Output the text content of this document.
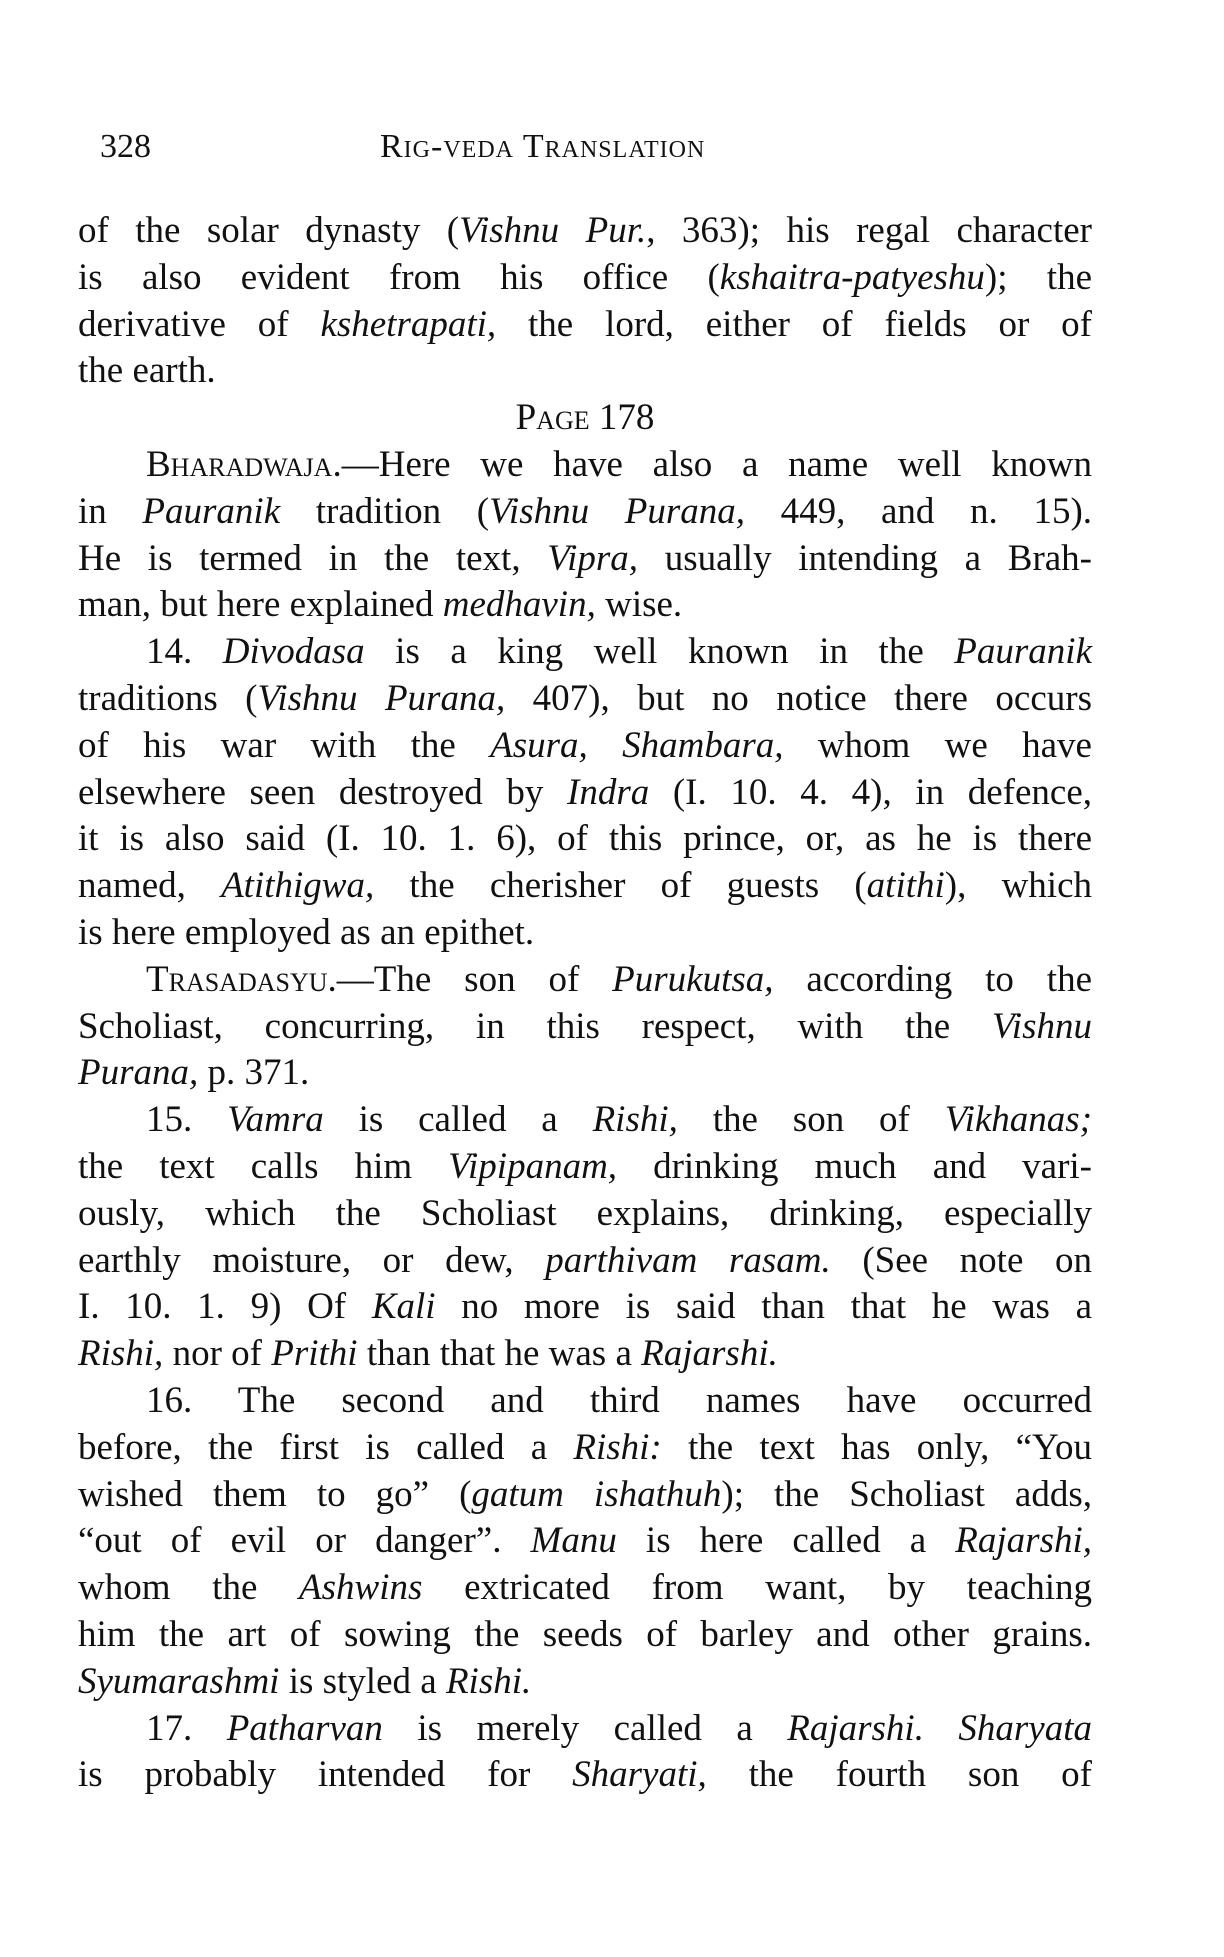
328	Rig-veda Translation
of the solar dynasty (Vishnu Pur., 363); his regal character
is also evident from his office (kshaitra-patyeshu); the
derivative of kshetrapati, the lord, either of fields or of
the earth.
Page 178
Bharadwaja.—Here we have also a name well known
in Pauranik tradition (Vishnu Purana, 449, and n. 15).
He is termed in the text, Vipra, usually intending a Brah-
man, but here explained medhavin, wise.
14. Divodasa is a king well known in the Pauranik
traditions (Vishnu Purana, 407), but no notice there occurs
of his war with the Asura, Shambara, whom we have
elsewhere seen destroyed by Indra (I. 10. 4. 4), in defence,
it is also said (I. 10. 1. 6), of this prince, or, as he is there
named, Atithigwa, the cherisher of guests (atithi), which
is here employed as an epithet.
Trasadasyu.—The son of Purukutsa, according to the
Scholiast, concurring, in this respect, with the Vishnu
Purana, p. 371.
15. Vamra is called a Rishi, the son of Vikhanas;
the text calls him Vipipanam, drinking much and vari-
ously, which the Scholiast explains, drinking, especially
earthly moisture, or dew, parthivam rasam. (See note on
I. 10. 1. 9) Of Kali no more is said than that he was a
Rishi, nor of Prithi than that he was a Rajarshi.
16. The second and third names have occurred
before, the first is called a Rishi: the text has only, “You
wished them to go” (gatum ishathuh); the Scholiast adds,
“out of evil or danger”. Manu is here called a Rajarshi,
whom the Ashwins extricated from want, by teaching
him the art of sowing the seeds of barley and other grains.
Syumarashmi is styled a Rishi.
17. Patharvan is merely called a Rajarshi. Sharyata
is probably intended for Sharyati, the fourth son of
